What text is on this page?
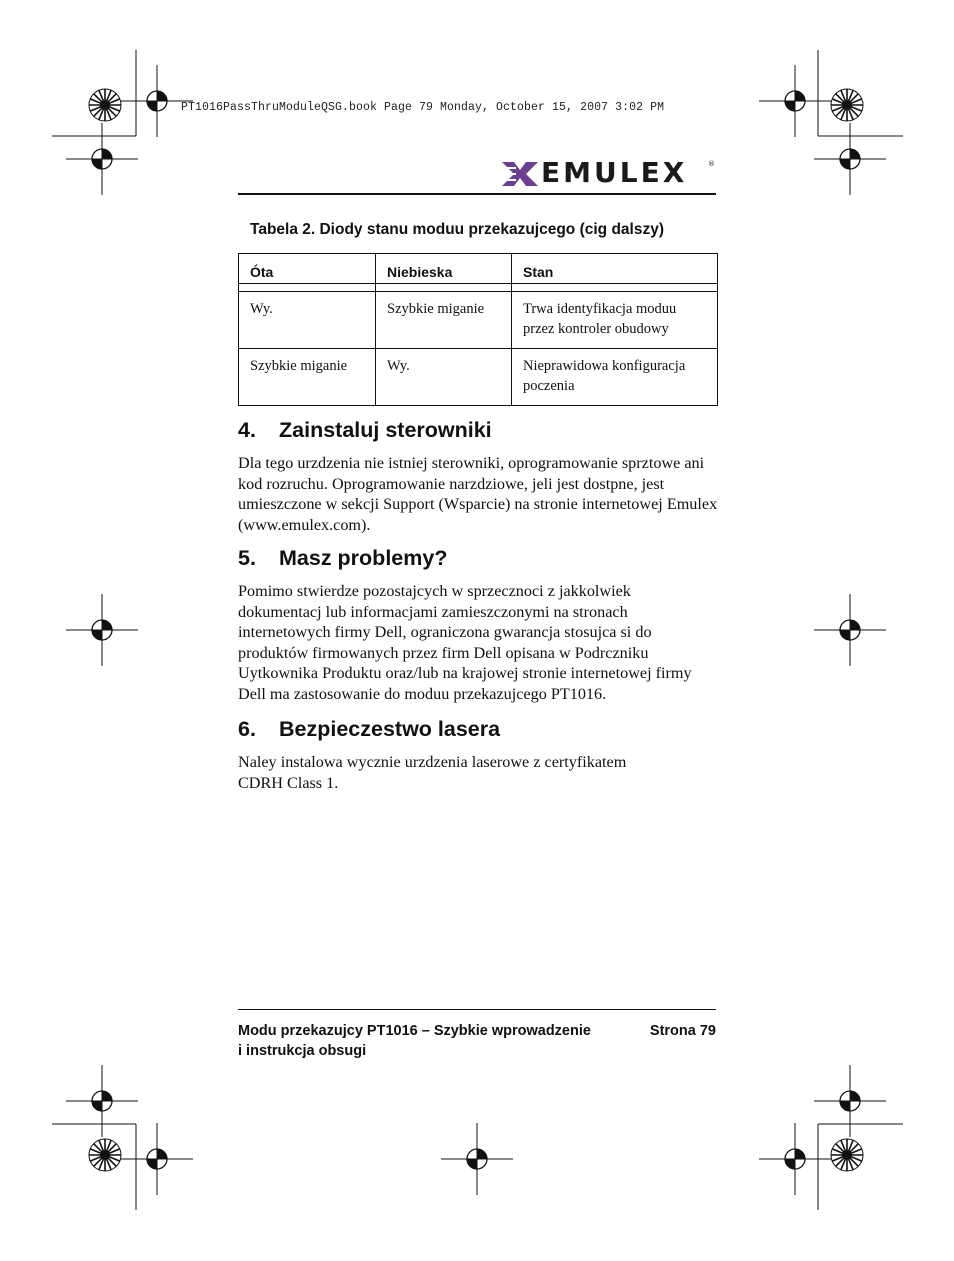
PT1016PassThruModuleQSG.book Page 79 Monday, October 15, 2007 3:02 PM
EMULEX	®
Tabela 2. Diody stanu moduu przekazujcego (cig dalszy)
Óta	Niebieska	Stan

Wy.	Szybkie miganie	Trwa identyfikacja moduu przez kontroler obudowy
Szybkie miganie	Wy.	Nieprawidowa konfiguracja poczenia
4. Zainstaluj sterowniki

Dla tego urzdzenia nie istniej sterowniki, oprogramowanie sprztowe ani kod rozruchu. Oprogramowanie narzdziowe, jeli jest dostpne, jest umieszczone w sekcji Support (Wsparcie) na stronie internetowej Emulex (www.emulex.com).

5. Masz problemy?

Pomimo stwierdze pozostajcych w sprzecznoci z jakkolwiek dokumentacj lub informacjami zamieszczonymi na stronach internetowych firmy Dell, ograniczona gwarancja stosujca si do produktów firmowanych przez firm Dell opisana w Podrczniku Uytkownika Produktu oraz/lub na krajowej stronie internetowej firmy Dell ma zastosowanie do moduu przekazujcego PT1016.

6. Bezpieczestwo lasera

Naley instalowa wycznie urzdzenia laserowe z certyfikatem CDRH Class 1.

Modu przekazujcy PT1016 – Szybkie wprowadzenie
i instrukcja obsugi
Strona 79
